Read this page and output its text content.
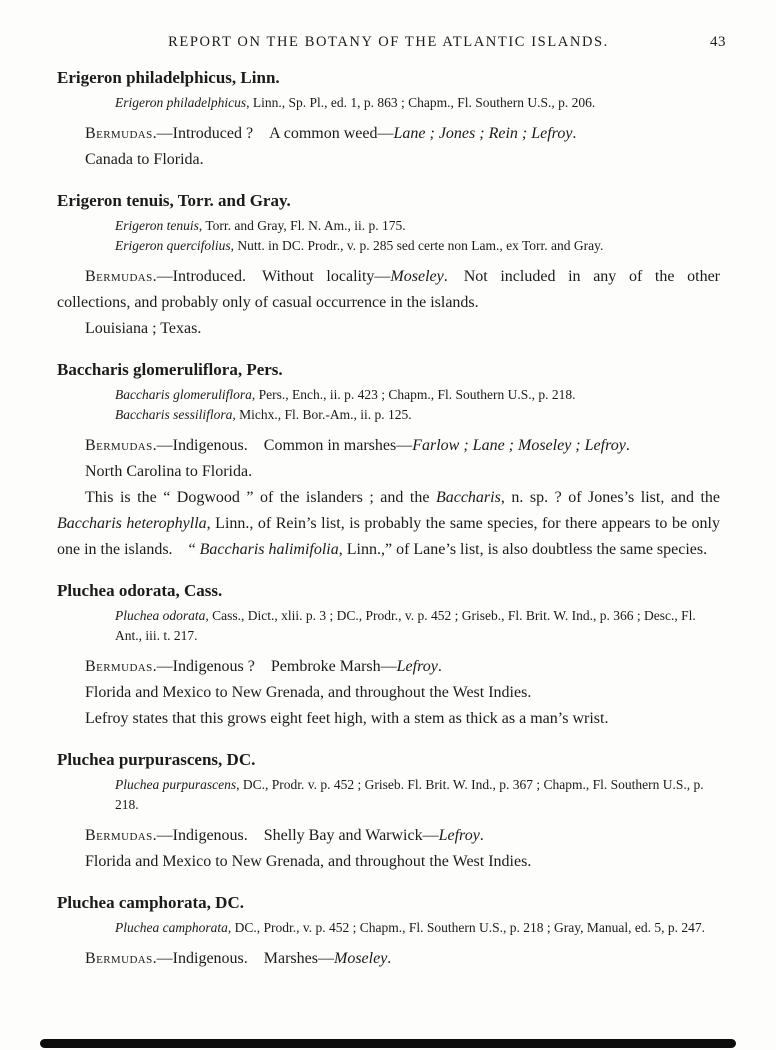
REPORT ON THE BOTANY OF THE ATLANTIC ISLANDS.	43
Erigeron philadelphicus, Linn.

Erigeron philadelphicus, Linn., Sp. Pl., ed. 1, p. 863 ; Chapm., Fl. Southern U.S., p. 206.

Bermudas.—Introduced ? A common weed—Lane ; Jones ; Rein ; Lefroy.

Canada to Florida.

Erigeron tenuis, Torr. and Gray.

Erigeron tenuis, Torr. and Gray, Fl. N. Am., ii. p. 175.

Erigeron quercifolius, Nutt. in DC. Prodr., v. p. 285 sed certe non Lam., ex Torr. and Gray.

Bermudas.—Introduced. Without locality—Moseley. Not included in any of the other collections, and probably only of casual occurrence in the islands.

Louisiana ; Texas.

Baccharis glomeruliflora, Pers.

Baccharis glomeruliflora, Pers., Ench., ii. p. 423 ; Chapm., Fl. Southern U.S., p. 218.

Baccharis sessiliflora, Michx., Fl. Bor.-Am., ii. p. 125.

Bermudas.—Indigenous. Common in marshes—Farlow ; Lane ; Moseley ; Lefroy.

North Carolina to Florida.

This is the “ Dogwood ” of the islanders ; and the Baccharis, n. sp. ? of Jones’s list, and the Baccharis heterophylla, Linn., of Rein’s list, is probably the same species, for there appears to be only one in the islands. “ Baccharis halimifolia, Linn.,” of Lane’s list, is also doubtless the same species.

Pluchea odorata, Cass.

Pluchea odorata, Cass., Dict., xlii. p. 3 ; DC., Prodr., v. p. 452 ; Griseb., Fl. Brit. W. Ind., p. 366 ; Desc., Fl. Ant., iii. t. 217.

Bermudas.—Indigenous ? Pembroke Marsh—Lefroy.

Florida and Mexico to New Grenada, and throughout the West Indies.

Lefroy states that this grows eight feet high, with a stem as thick as a man’s wrist.

Pluchea purpurascens, DC.

Pluchea purpurascens, DC., Prodr. v. p. 452 ; Griseb. Fl. Brit. W. Ind., p. 367 ; Chapm., Fl. Southern U.S., p. 218.

Bermudas.—Indigenous. Shelly Bay and Warwick—Lefroy.

Florida and Mexico to New Grenada, and throughout the West Indies.

Pluchea camphorata, DC.

Pluchea camphorata, DC., Prodr., v. p. 452 ; Chapm., Fl. Southern U.S., p. 218 ; Gray, Manual, ed. 5, p. 247.

Bermudas.—Indigenous. Marshes—Moseley.
